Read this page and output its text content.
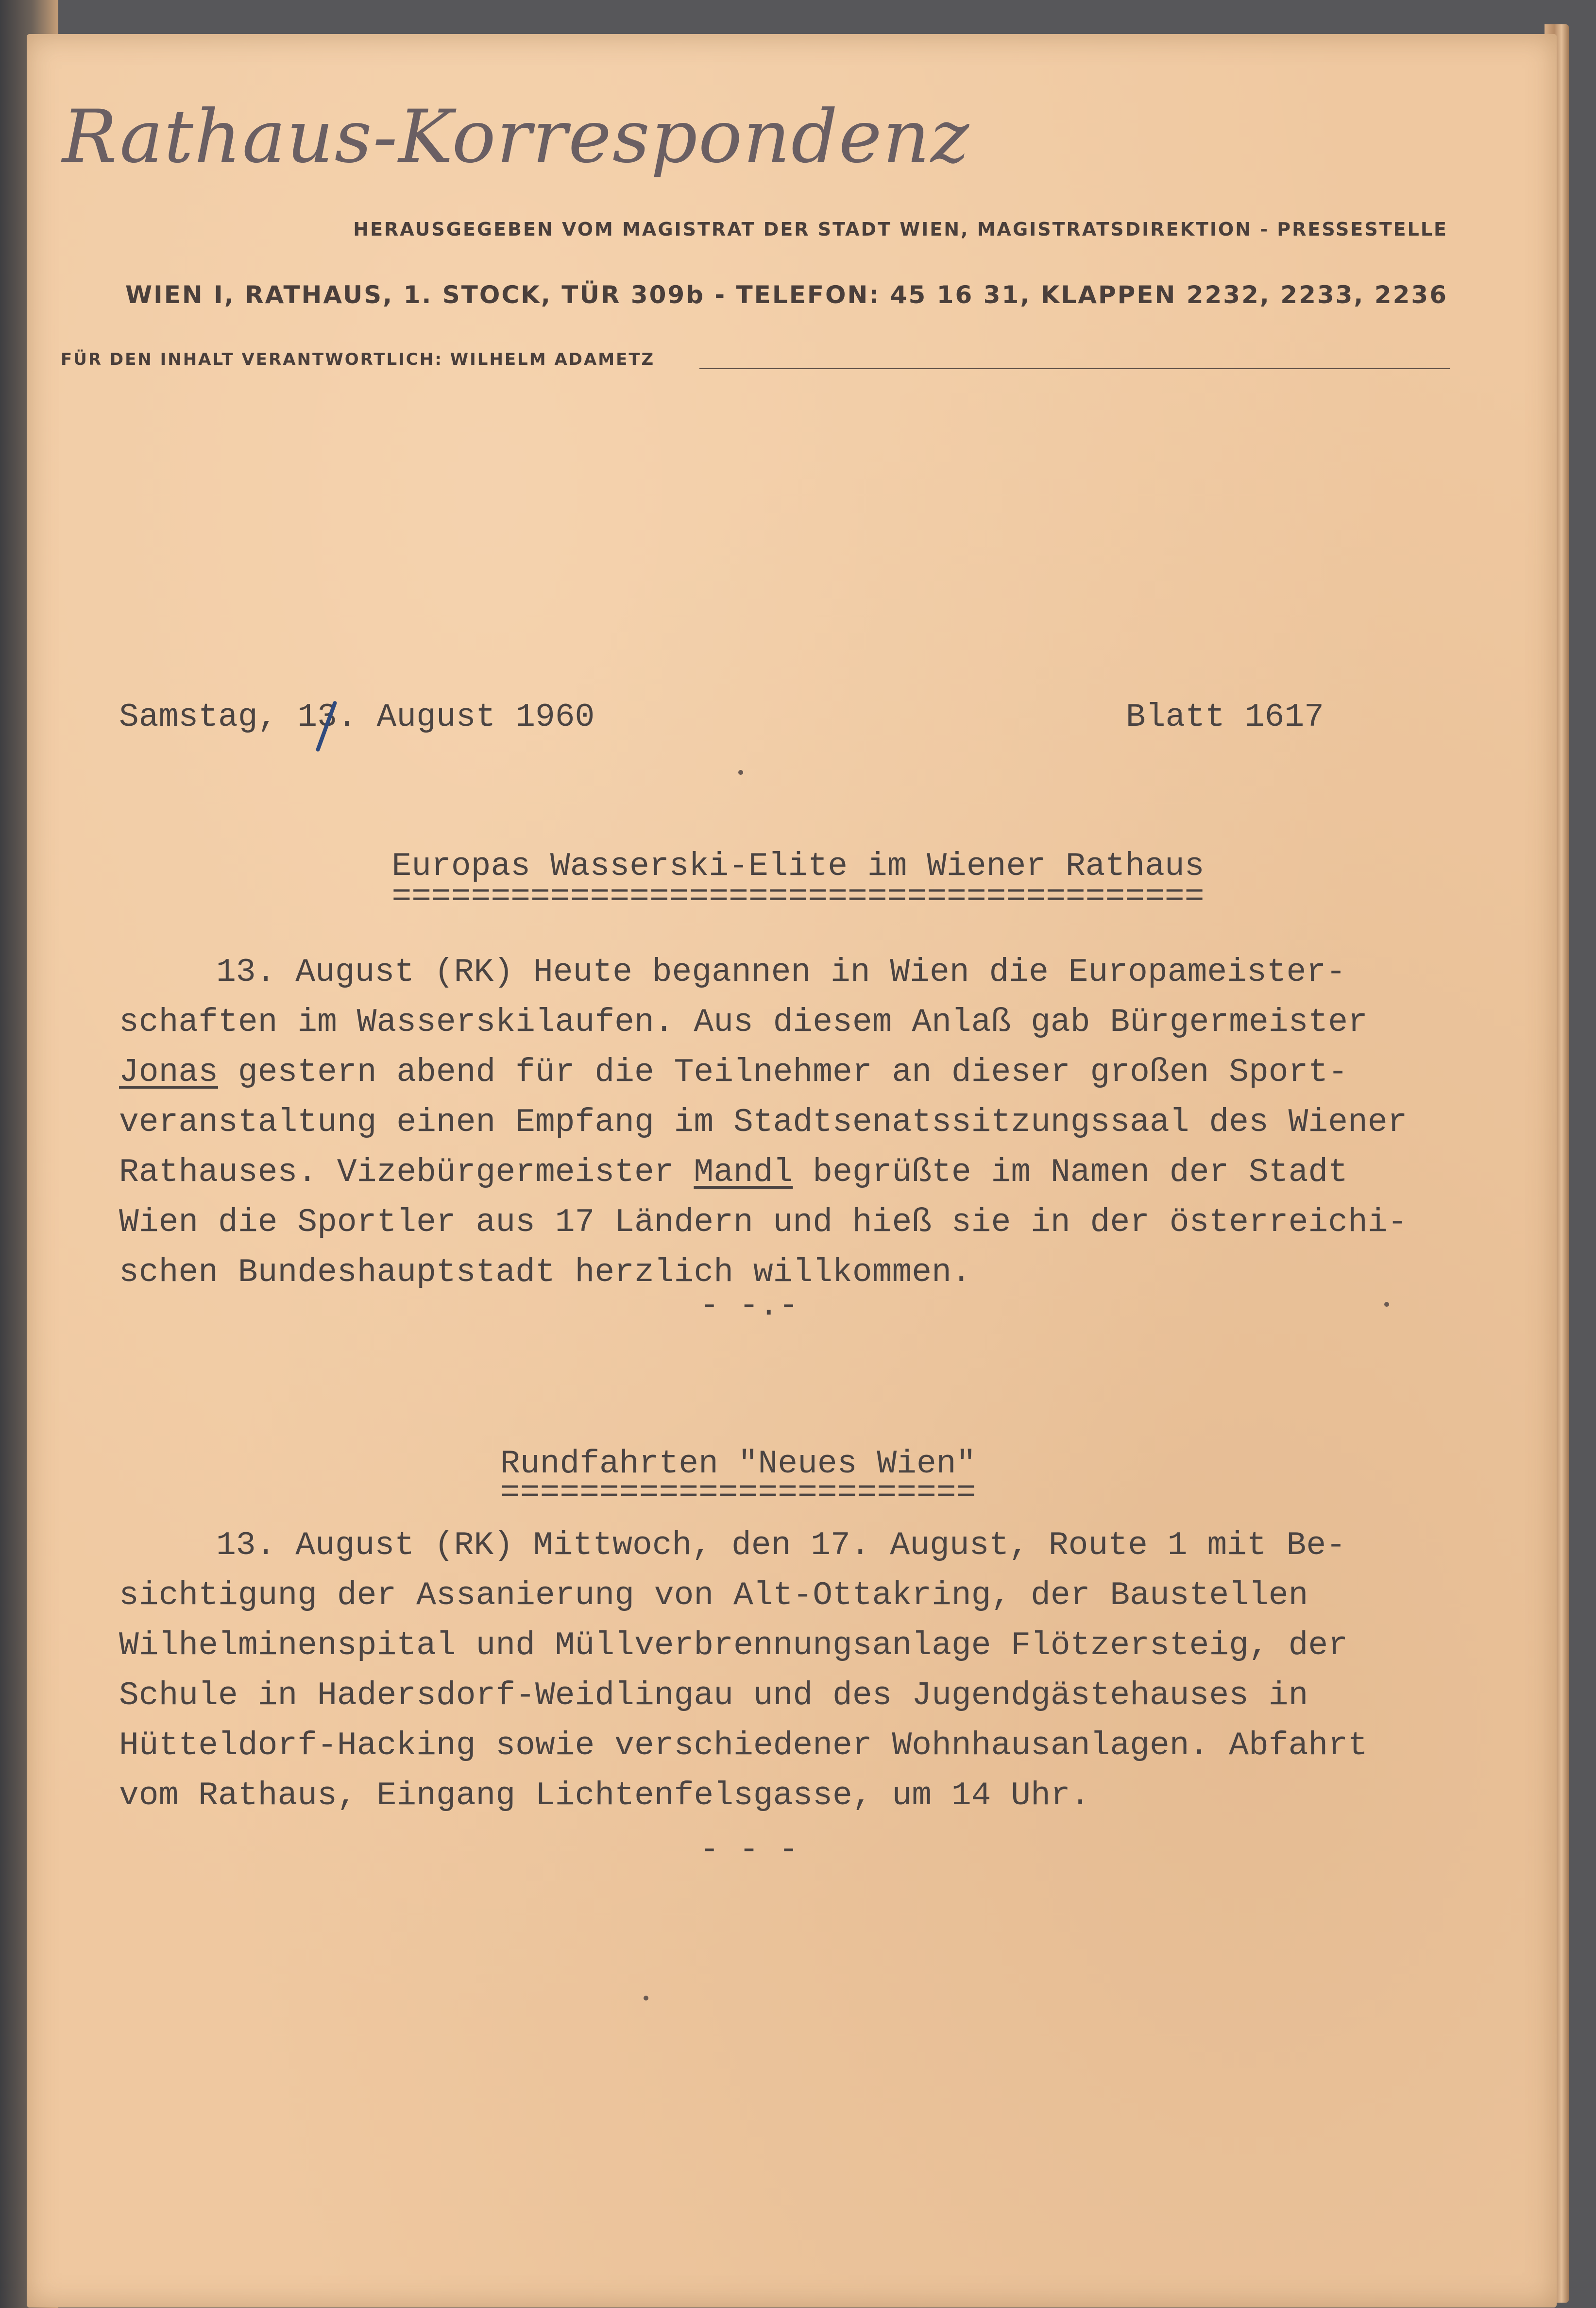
Rathaus-Korrespondenz
HERAUSGEGEBEN VOM MAGISTRAT DER STADT WIEN, MAGISTRATSDIREKTION - PRESSESTELLE
WIEN I, RATHAUS, 1. STOCK, TÜR 309b - TELEFON: 45 16 31, KLAPPEN 2232, 2233, 2236
FÜR DEN INHALT VERANTWORTLICH: WILHELM ADAMETZ
Samstag, 13. August 1960	Blatt 1617
Europas Wasserski-Elite im Wiener Rathaus
=========================================
13. August (RK) Heute begannen in Wien die Europameister-
schaften im Wasserskilaufen. Aus diesem Anlaß gab Bürgermeister
Jonas gestern abend für die Teilnehmer an dieser großen Sport-
veranstaltung einen Empfang im Stadtsenatssitzungssaal des Wiener
Rathauses. Vizebürgermeister Mandl begrüßte im Namen der Stadt
Wien die Sportler aus 17 Ländern und hieß sie in der österreichi-
schen Bundeshauptstadt herzlich willkommen.
- -.-
Rundfahrten "Neues Wien"
========================
13. August (RK) Mittwoch, den 17. August, Route 1 mit Be-
sichtigung der Assanierung von Alt-Ottakring, der Baustellen
Wilhelminenspital und Müllverbrennungsanlage Flötzersteig, der
Schule in Hadersdorf-Weidlingau und des Jugendgästehauses in
Hütteldorf-Hacking sowie verschiedener Wohnhausanlagen. Abfahrt
vom Rathaus, Eingang Lichtenfelsgasse, um 14 Uhr.
- - -
